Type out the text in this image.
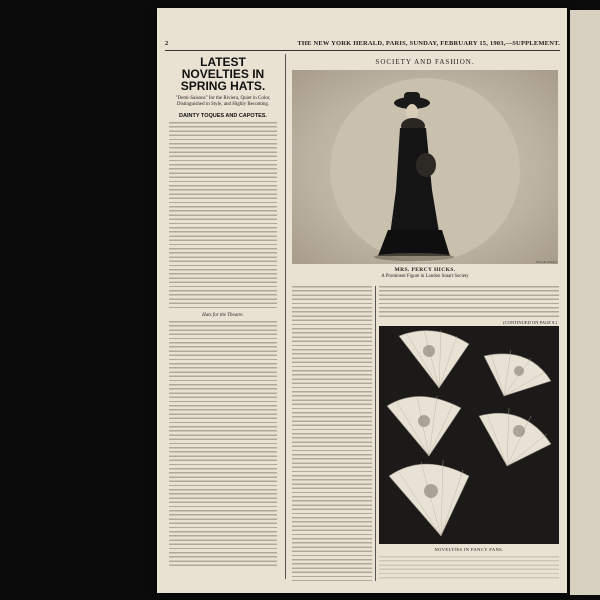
2	THE NEW YORK HERALD, PARIS, SUNDAY, FEBRUARY 15, 1903,—SUPPLEMENT.
LATEST NOVELTIES IN SPRING HATS.
"Demi-Saisons" for the Riviera, Quiet in Color, Distinguished in Style, and Highly Becoming.
DAINTY TOQUES AND CAPOTES.
Hats for the Theatre.
SOCIETY AND FASHION.
MRS. PERCY HICKS.
A Prominent Figure in London Smart Society
Ellis & Walery
(CONTINUED ON PAGE 8.)
NOVELTIES IN FANCY FANS.
